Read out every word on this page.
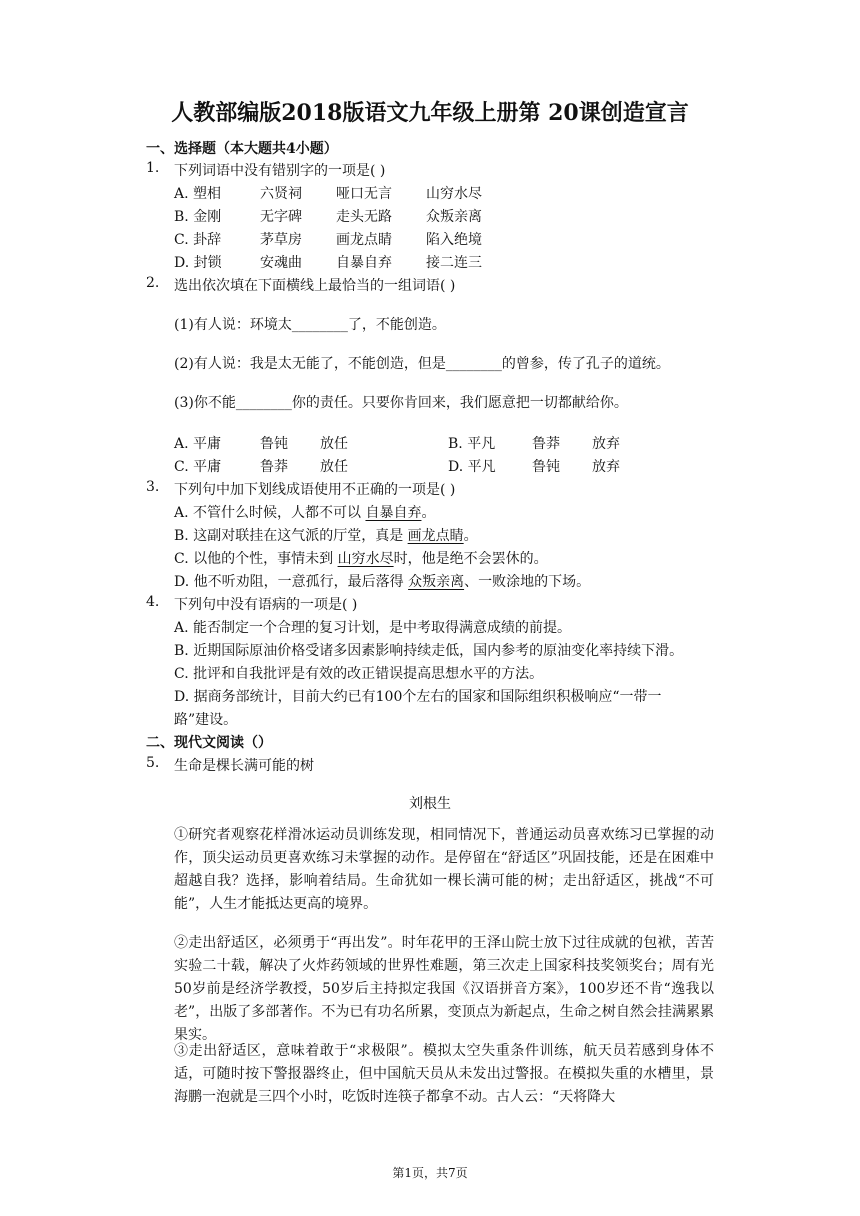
人教部编版2018版语文九年级上册第 20课创造宣言
一、选择题（本大题共4小题）
1. 下列词语中没有错别字的一项是( )
A. 塑相	六贤祠 哑口无言 山穷水尽
B. 金刚	无字碑 走头无路 众叛亲离
C. 卦辞	茅草房 画龙点睛 陷入绝境
D. 封锁	安魂曲 自暴自弃 接二连三
2. 选出依次填在下面横线上最恰当的一组词语( )
(1)有人说：环境太________了，不能创造。
(2)有人说：我是太无能了，不能创造，但是________的曾参，传了孔子的道统。
(3)你不能________你的责任。只要你肯回来，我们愿意把一切都献给你。
A. 平庸	鲁钝 放任	B. 平凡	鲁莽 放弃
C. 平庸	鲁莽 放任	D. 平凡	鲁钝 放弃
3. 下列句中加下划线成语使用不正确的一项是( )
A. 不管什么时候，人都不可以 自暴自弃。
B. 这副对联挂在这气派的厅堂，真是 画龙点睛。
C. 以他的个性，事情未到 山穷水尽时，他是绝不会罢休的。
D. 他不听劝阻，一意孤行，最后落得 众叛亲离、一败涂地的下场。
4. 下列句中没有语病的一项是( )
A. 能否制定一个合理的复习计划，是中考取得满意成绩的前提。
B. 近期国际原油价格受诸多因素影响持续走低，国内参考的原油变化率持续下滑。
C. 批评和自我批评是有效的改正错误提高思想水平的方法。
D. 据商务部统计，目前大约已有100个左右的国家和国际组织积极响应“一带一
路”建设。
二、现代文阅读（）
5. 生命是棵长满可能的树
刘根生
①研究者观察花样滑冰运动员训练发现，相同情况下，普通运动员喜欢练习已掌握的动作，顶尖运动员更喜欢练习未掌握的动作。是停留在“舒适区”巩固技能，还是在困难中超越自我？选择，影响着结局。生命犹如一棵长满可能的树；走出舒适区，挑战“不可能”，人生才能抵达更高的境界。
②走出舒适区，必须勇于“再出发”。时年花甲的王泽山院士放下过往成就的包袱，苦苦实验二十载，解决了火炸药领域的世界性难题，第三次走上国家科技奖领奖台；周有光50岁前是经济学教授，50岁后主持拟定我国《汉语拼音方案》，100岁还不肯“逸我以老”，出版了多部著作。不为已有功名所累，变顶点为新起点，生命之树自然会挂满累累果实。
③走出舒适区，意味着敢于“求极限”。模拟太空失重条件训练，航天员若感到身体不适，可随时按下警报器终止，但中国航天员从未发出过警报。在模拟失重的水槽里，景海鹏一泡就是三四个小时，吃饭时连筷子都拿不动。古人云：“天将降大
第1页，共7页
